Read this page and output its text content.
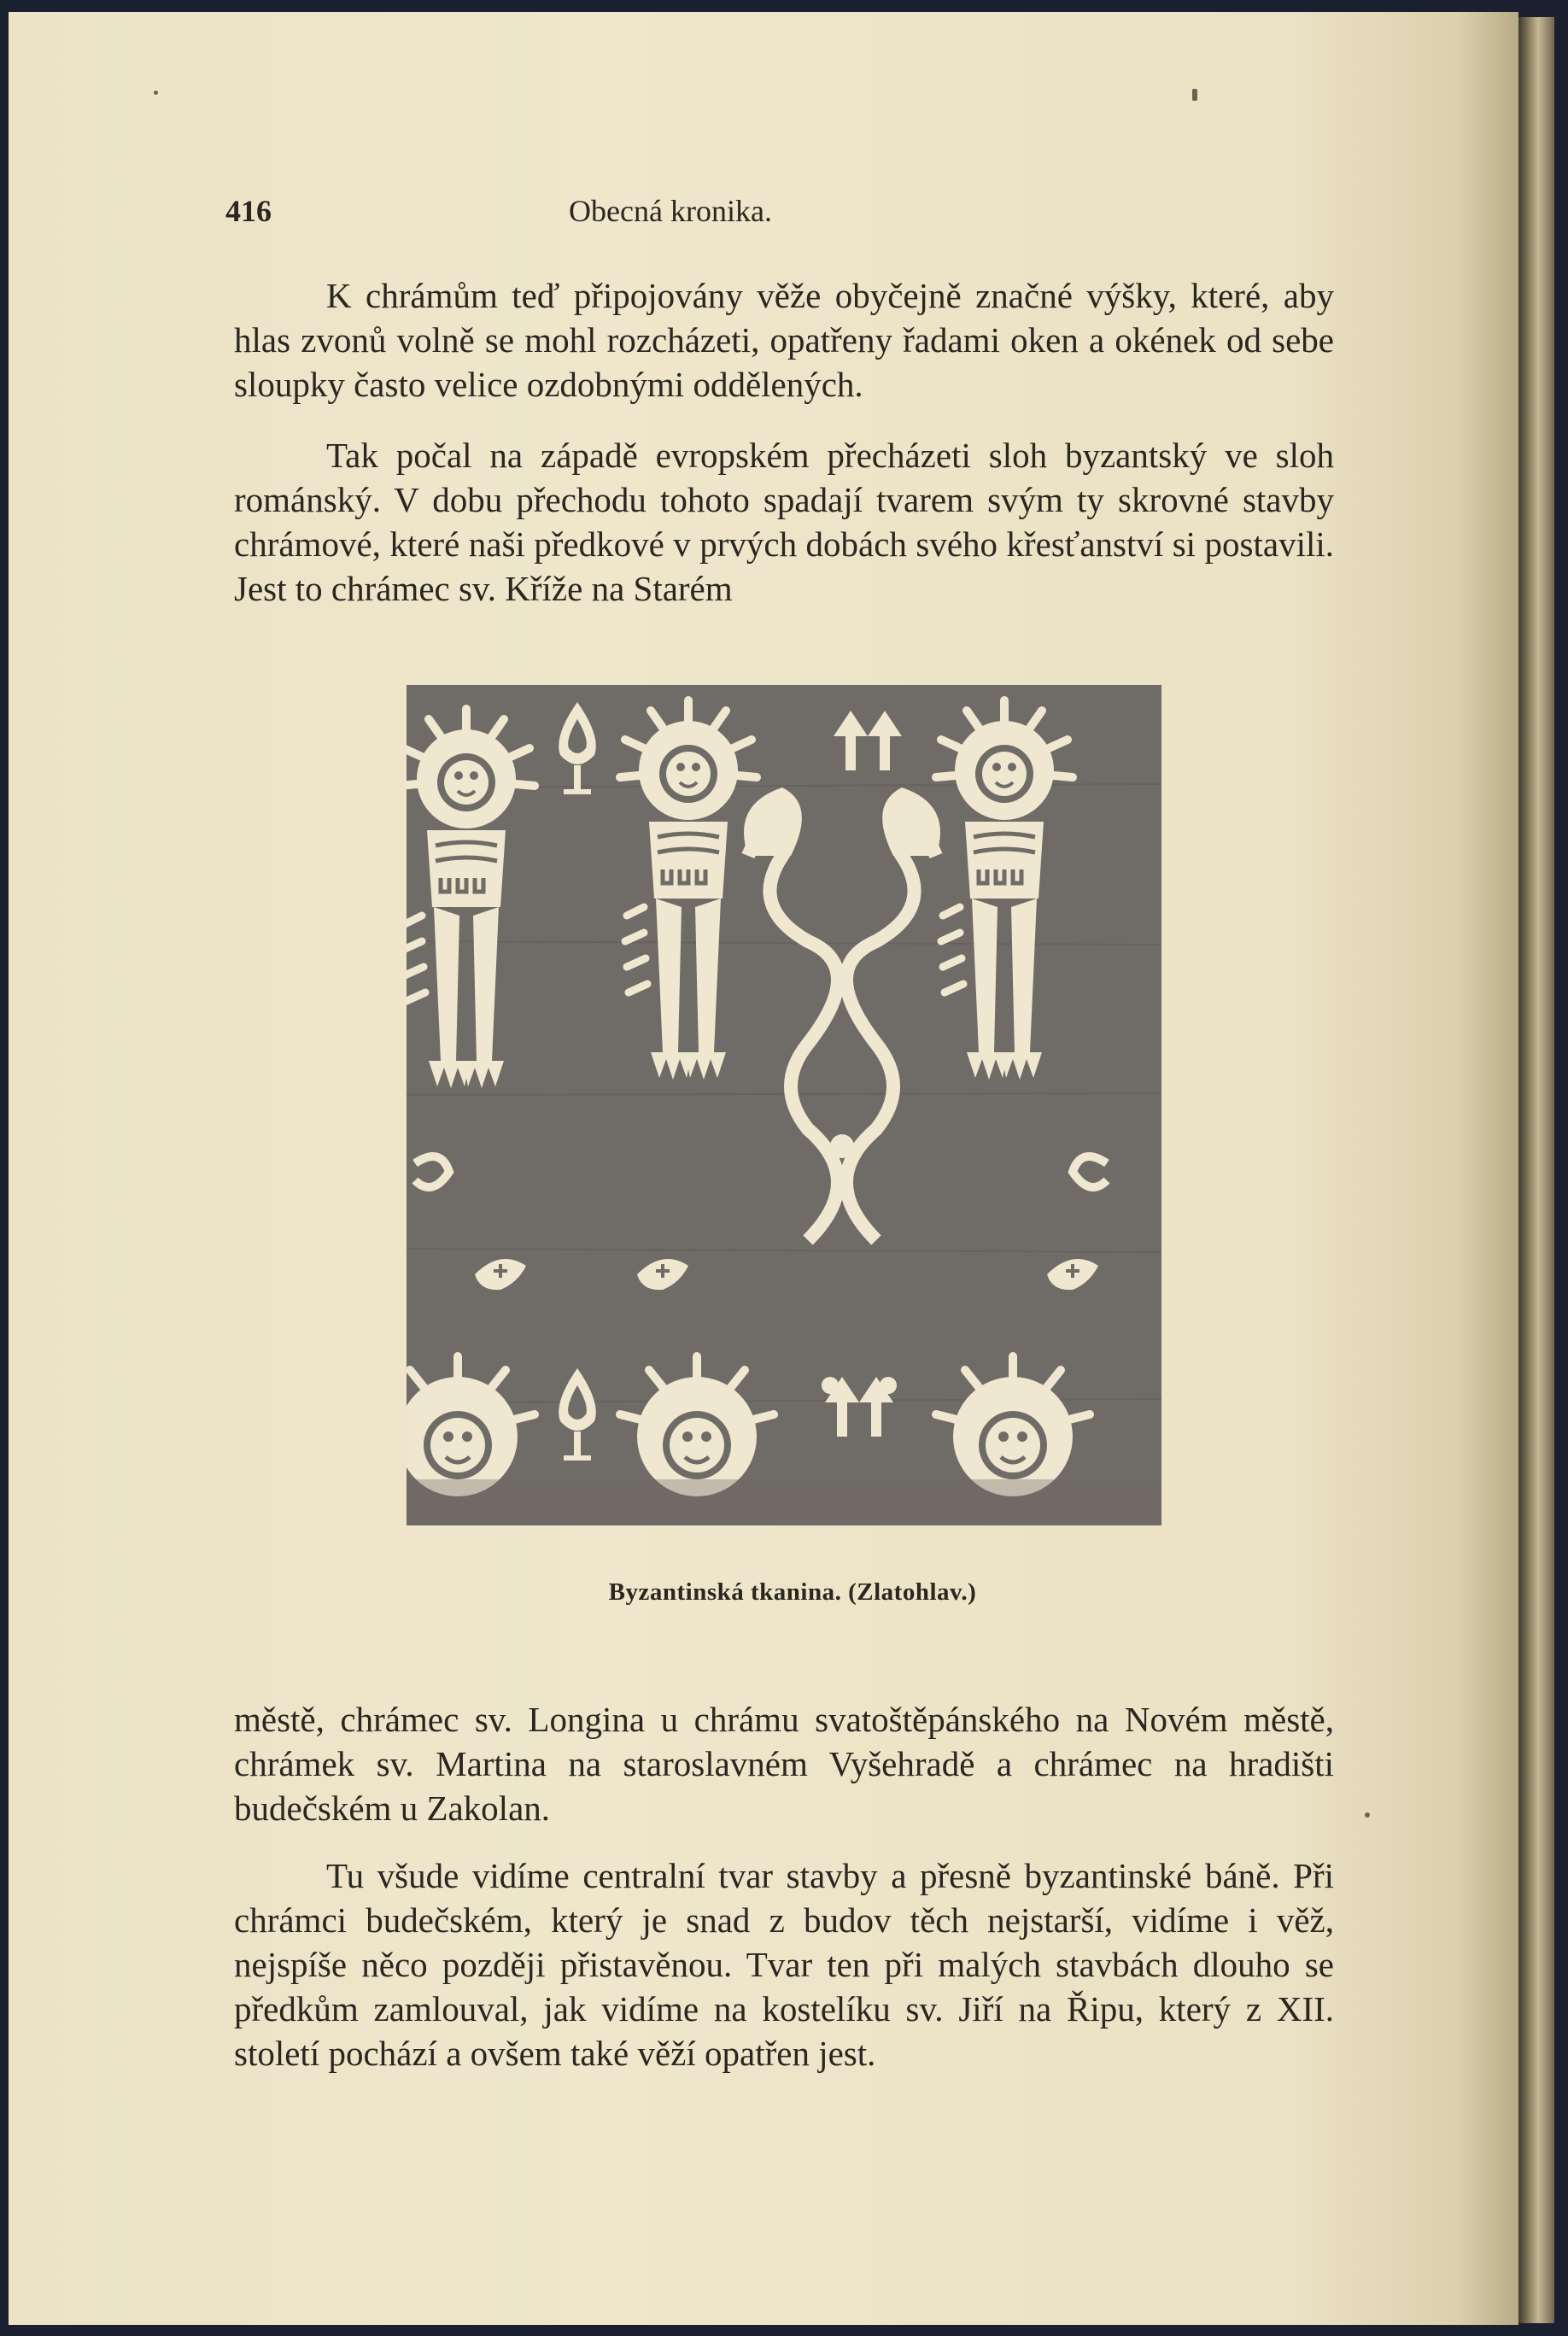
416	Obecná kronika.

K chrámům teď připojovány věže obyčejně značné výšky, které, aby hlas zvonů volně se mohl rozcházeti, opatřeny řadami oken a okének od sebe sloupky často velice ozdobnými oddělených.

Tak počal na západě evropském přecházeti sloh byzantský ve sloh románský. V dobu přechodu tohoto spadají tvarem svým ty skrovné stavby chrámové, které naši předkové v prvých dobách svého křesťanství si postavili. Jest to chrámec sv. Kříže na Starém

Byzantinská tkanina. (Zlatohlav.)

městě, chrámec sv. Longina u chrámu svatoštěpánského na Novém městě, chrámek sv. Martina na staroslavném Vyšehradě a chrámec na hradišti budečském u Zakolan.

Tu všude vidíme centralní tvar stavby a přesně byzantinské báně. Při chrámci budečském, který je snad z budov těch nejstarší, vidíme i věž, nejspíše něco později přistavěnou. Tvar ten při malých stavbách dlouho se předkům zamlouval, jak vidíme na kostelíku sv. Jiří na Řipu, který z XII. století pochází a ovšem také věží opatřen jest.
